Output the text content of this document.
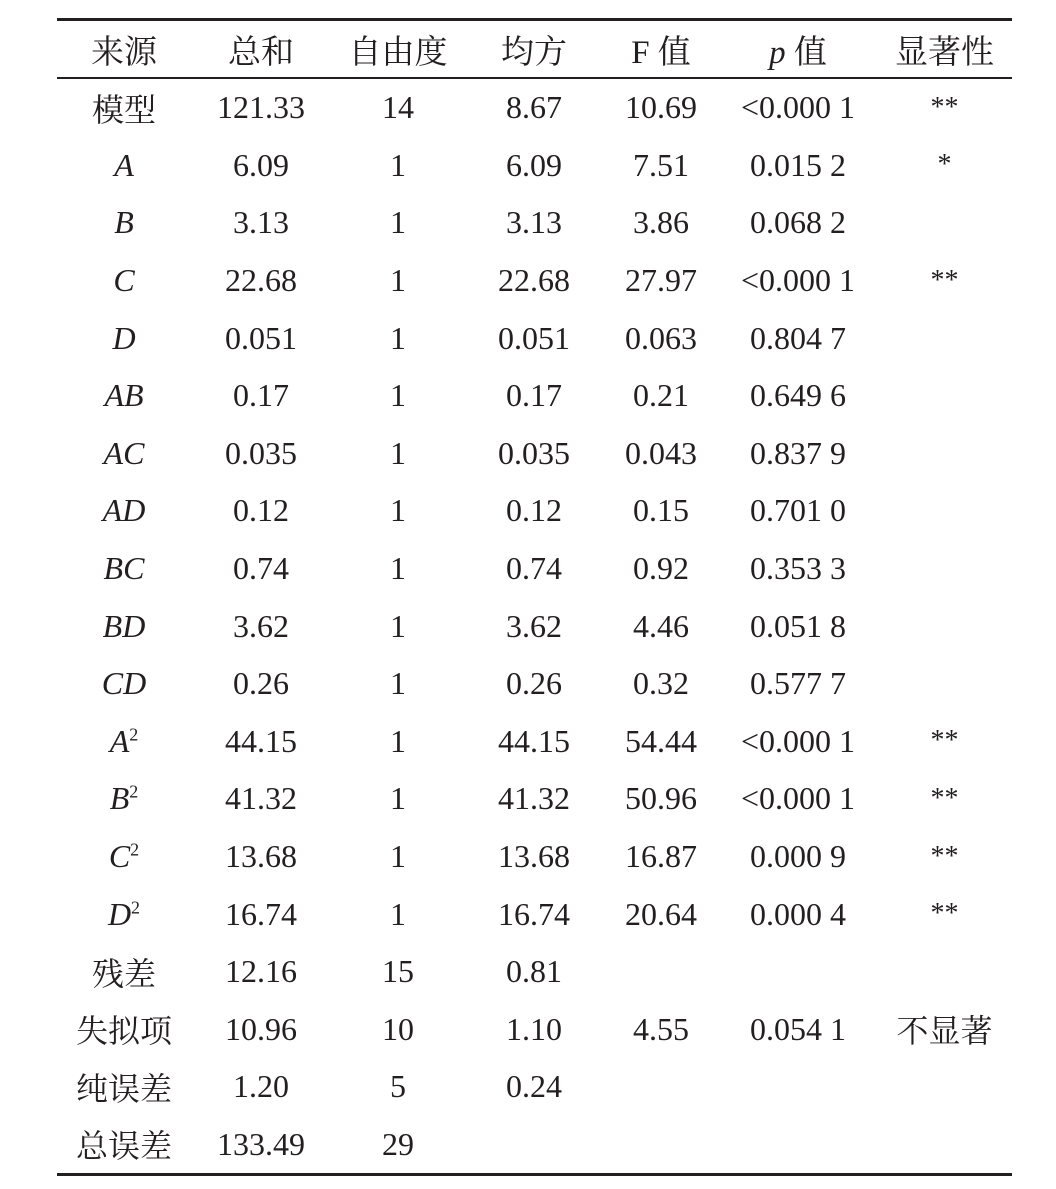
来源	总和	自由度	均方	F 值	p 值	显著性
模型	121.33	14	8.67	10.69	<0.000 1	**
A	6.09	1	6.09	7.51	0.015 2	*
B	3.13	1	3.13	3.86	0.068 2	
C	22.68	1	22.68	27.97	<0.000 1	**
D	0.051	1	0.051	0.063	0.804 7	
AB	0.17	1	0.17	0.21	0.649 6	
AC	0.035	1	0.035	0.043	0.837 9	
AD	0.12	1	0.12	0.15	0.701 0	
BC	0.74	1	0.74	0.92	0.353 3	
BD	3.62	1	3.62	4.46	0.051 8	
CD	0.26	1	0.26	0.32	0.577 7	
$A^2$	44.15	1	44.15	54.44	<0.000 1	**
$B^2$	41.32	1	41.32	50.96	<0.000 1	**
$C^2$	13.68	1	13.68	16.87	0.000 9	**
$D^2$	16.74	1	16.74	20.64	0.000 4	**
残差	12.16	15	0.81			
失拟项	10.96	10	1.10	4.55	0.054 1	不显著
纯误差	1.20	5	0.24			
总误差	133.49	29				
